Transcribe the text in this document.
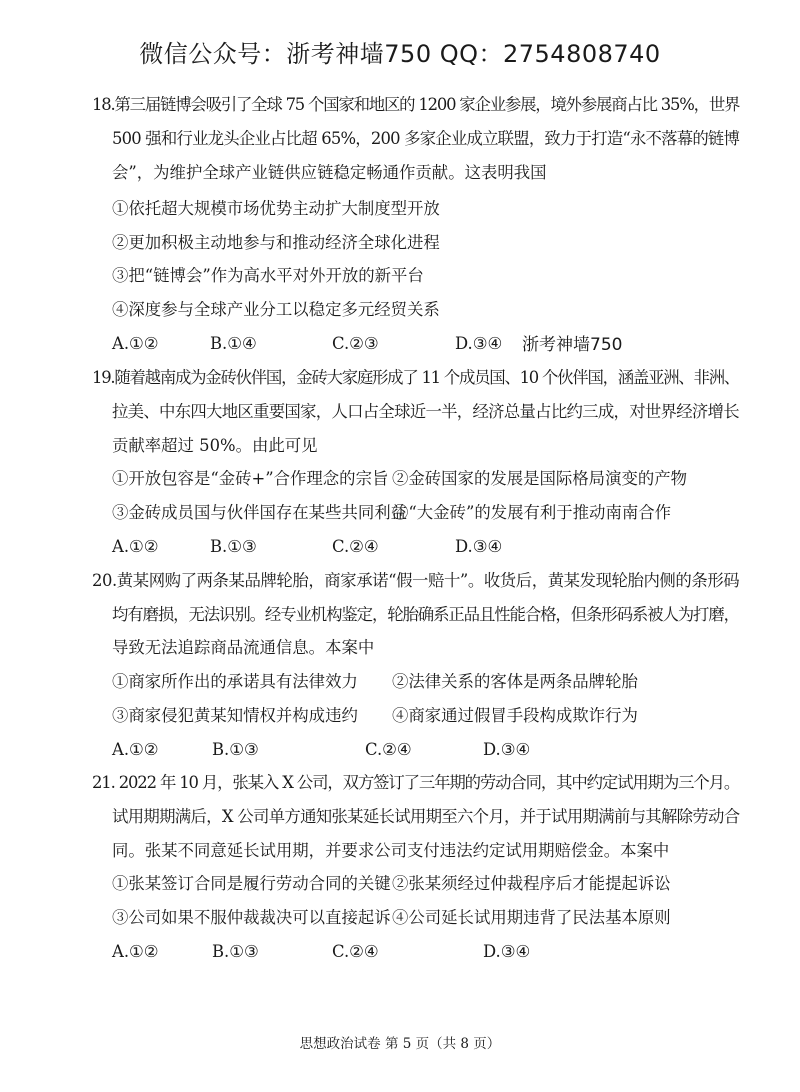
微信公众号：浙考神墙750 QQ：2754808740
18.第三届链博会吸引了全球 75 个国家和地区的 1200 家企业参展，境外参展商占比 35%，世界
500 强和行业龙头企业占比超 65%，200 多家企业成立联盟，致力于打造“永不落幕的链博
会”，为维护全球产业链供应链稳定畅通作贡献。这表明我国
①依托超大规模市场优势主动扩大制度型开放
②更加积极主动地参与和推动经济全球化进程
③把“链博会”作为高水平对外开放的新平台
④深度参与全球产业分工以稳定多元经贸关系
A.①②	B.①④	C.②③	D.③④ 浙考神墙750
19.随着越南成为金砖伙伴国，金砖大家庭形成了 11 个成员国、10 个伙伴国，涵盖亚洲、非洲、
拉美、中东四大地区重要国家，人口占全球近一半，经济总量占比约三成，对世界经济增长
贡献率超过 50%。由此可见
①开放包容是“金砖+”合作理念的宗旨 ②金砖国家的发展是国际格局演变的产物
③金砖成员国与伙伴国存在某些共同利益
④“大金砖”的发展有利于推动南南合作
A.①②	B.①③	C.②④	D.③④
20.黄某网购了两条某品牌轮胎，商家承诺“假一赔十”。收货后，黄某发现轮胎内侧的条形码
均有磨损，无法识别。经专业机构鉴定，轮胎确系正品且性能合格，但条形码系被人为打磨，
导致无法追踪商品流通信息。本案中
①商家所作出的承诺具有法律效力 ②法律关系的客体是两条品牌轮胎
③商家侵犯黄某知情权并构成违约 ④商家通过假冒手段构成欺诈行为
A.①②	B.①③	C.②④	D.③④
21. 2022 年 10 月，张某入 X 公司，双方签订了三年期的劳动合同，其中约定试用期为三个月。
试用期期满后，X 公司单方通知张某延长试用期至六个月，并于试用期满前与其解除劳动合
同。张某不同意延长试用期，并要求公司支付违法约定试用期赔偿金。本案中
①张某签订合同是履行劳动合同的关键 ②张某须经过仲裁程序后才能提起诉讼
③公司如果不服仲裁裁决可以直接起诉 ④公司延长试用期违背了民法基本原则
A.①②	B.①③	C.②④	D.③④
思想政治试卷 第 5 页（共 8 页）
